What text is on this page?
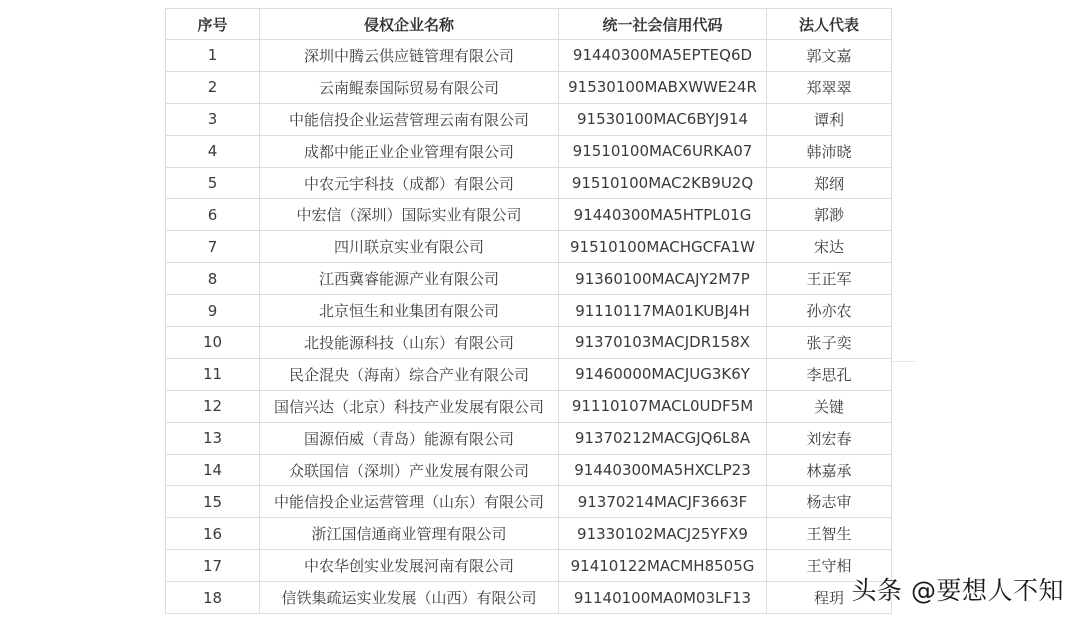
序号	侵权企业名称	统一社会信用代码	法人代表
1	深圳中腾云供应链管理有限公司	91440300MA5EPTEQ6D	郭文嘉
2	云南鲲泰国际贸易有限公司	91530100MABXWWE24R	郑翠翠
3	中能信投企业运营管理云南有限公司	91530100MAC6BYJ914	谭利
4	成都中能正业企业管理有限公司	91510100MAC6URKA07	韩沛晓
5	中农元宇科技（成都）有限公司	91510100MAC2KB9U2Q	郑纲
6	中宏信（深圳）国际实业有限公司	91440300MA5HTPL01G	郭渺
7	四川联京实业有限公司	91510100MACHGCFA1W	宋达
8	江西冀睿能源产业有限公司	91360100MACAJY2M7P	王正军
9	北京恒生和业集团有限公司	91110117MA01KUBJ4H	孙亦农
10	北投能源科技（山东）有限公司	91370103MACJDR158X	张子奕
11	民企混央（海南）综合产业有限公司	91460000MACJUG3K6Y	李思孔
12	国信兴达（北京）科技产业发展有限公司	91110107MACL0UDF5M	关键
13	国源佰威（青岛）能源有限公司	91370212MACGJQ6L8A	刘宏春
14	众联国信（深圳）产业发展有限公司	91440300MA5HXCLP23	林嘉承
15	中能信投企业运营管理（山东）有限公司	91370214MACJF3663F	杨志审
16	浙江国信通商业管理有限公司	91330102MACJ25YFX9	王智生
17	中农华创实业发展河南有限公司	91410122MACMH8505G	王守相
18	信铁集疏运实业发展（山西）有限公司	91140100MA0M03LF13	程玥 头条 @要想人不知
